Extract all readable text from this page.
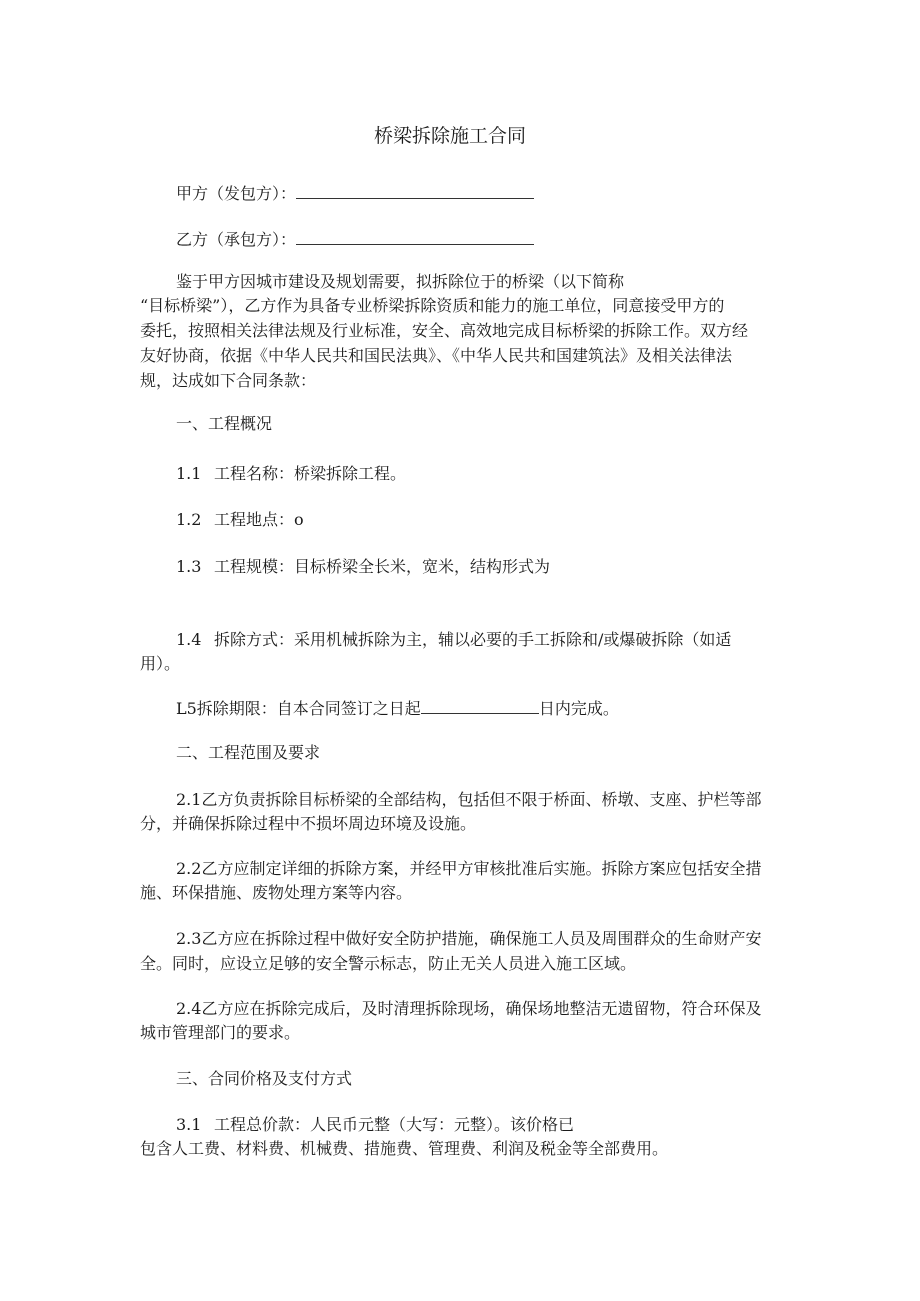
桥梁拆除施工合同
甲方（发包方）：
乙方（承包方）：
鉴于甲方因城市建设及规划需要，拟拆除位于的桥梁（以下简称
“目标桥梁”），乙方作为具备专业桥梁拆除资质和能力的施工单位，同意接受甲方的
委托，按照相关法律法规及行业标准，安全、高效地完成目标桥梁的拆除工作。双方经
友好协商，依据《中华人民共和国民法典》、《中华人民共和国建筑法》及相关法律法
规，达成如下合同条款：
一、工程概况
1.1 工程名称：桥梁拆除工程。
1.2 工程地点：o
1.3 工程规模：目标桥梁全长米，宽米，结构形式为
1.4 拆除方式：采用机械拆除为主，辅以必要的手工拆除和/或爆破拆除（如适
用）。
L5拆除期限：自本合同签订之日起	日内完成。
二、工程范围及要求
2.1乙方负责拆除目标桥梁的全部结构，包括但不限于桥面、桥墩、支座、护栏等部
分，并确保拆除过程中不损坏周边环境及设施。
2.2乙方应制定详细的拆除方案，并经甲方审核批准后实施。拆除方案应包括安全措
施、环保措施、废物处理方案等内容。
2.3乙方应在拆除过程中做好安全防护措施，确保施工人员及周围群众的生命财产安
全。同时，应设立足够的安全警示标志，防止无关人员进入施工区域。
2.4乙方应在拆除完成后，及时清理拆除现场，确保场地整洁无遗留物，符合环保及
城市管理部门的要求。
三、合同价格及支付方式
3.1 工程总价款：人民币元整（大写：元整）。该价格已
包含人工费、材料费、机械费、措施费、管理费、利润及税金等全部费用。
